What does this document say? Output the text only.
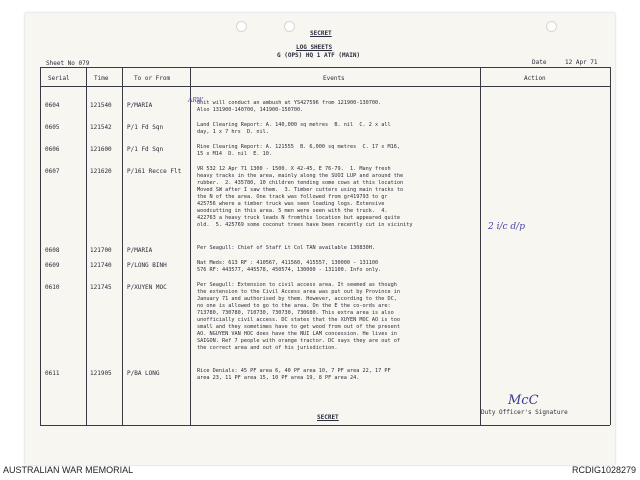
SECRET
LOG SHEETS
G (OPS) HQ 1 ATF (MAIN)
Sheet No 079	Date	12 Apr 71
Serial	Time	To or From	Events	Action
0604	121540	P/MARIA	Unit will conduct an ambush at YS427596 from 121900-130700.
Also 131900-140700, 141900-150700.
0605	121542	P/1 Fd Sqn	Land Clearing Report: A. 140,000 sq metres  B. nil  C. 2 x all
day, 1 x 7 hrs  D. nil.
0606	121600	P/1 Fd Sqn	Rine Clearing Report: A. 121555  B. 6,000 sq metres  C. 17 x M16,
15 x M14  D. nil  E. 10.
0607	121620	P/161 Recce Flt	VR 532 12 Apr 71 1300 - 1500. X 42-45, E 76-79.  1. Many fresh
heavy tracks in the area, mainly along the SUOI LUP and around the
rubber.  2. 435780, 10 children tending some cows at this location
Moved SW after I saw them.  3. Timber cutters using main tracks to
the N of the area. One track was followed from gr419793 to gr
425756 where a timber truck was seen loading logs. Extensive
woodcutting in this area. 5 men were seen with the truck.  4.
422763 a heavy truck leads N fromthis location but appeared quite
old.  5. 425769 some coconut trees have been recently cut in vicinity
0608	121700	P/MARIA	Per Seagull: Chief of Staff Lt Col TAN available 130830H.
0609	121740	P/LONG BINH	Nat Meds: 613 RF : 410567, 411560, 415557, 130000 - 131100
576 RF: 443577, 445578, 450574, 130000 - 131100. Info only.
0610	121745	P/XUYEN MOC	Per Seagull: Extension to civil access area. It seemed as though
the extension to the Civil Access area was put out by Province in
January 71 and authorised by them. However, according to the DC,
no one is allowed to go to the area. On the E the co-ords are:
713780, 730780, 710730, 730730, 730680. This extra area is also
unofficially civil access. DC states that the XUYEN MOC AO is too
small and they sometimes have to get wood from out of the present
AO. NGUYEN VAN HOC does have the NUI LAM concession. He lives in
SAIGON. Ref 7 people with orange tractor. DC says they are out of
the correct area and out of his jurisdiction.
0611	121905	P/BA LONG	Rice Denials: 45 PF area 6, 40 PF area 10, 7 PF area 22, 17 PF
area 23, 11 PF area 15, 10 PF area 19, 8 PF area 24.
ARW
2 i/c d/p
McC
Duty Officer's Signature
SECRET
AUSTRALIAN WAR MEMORIAL	RCDIG1028279
